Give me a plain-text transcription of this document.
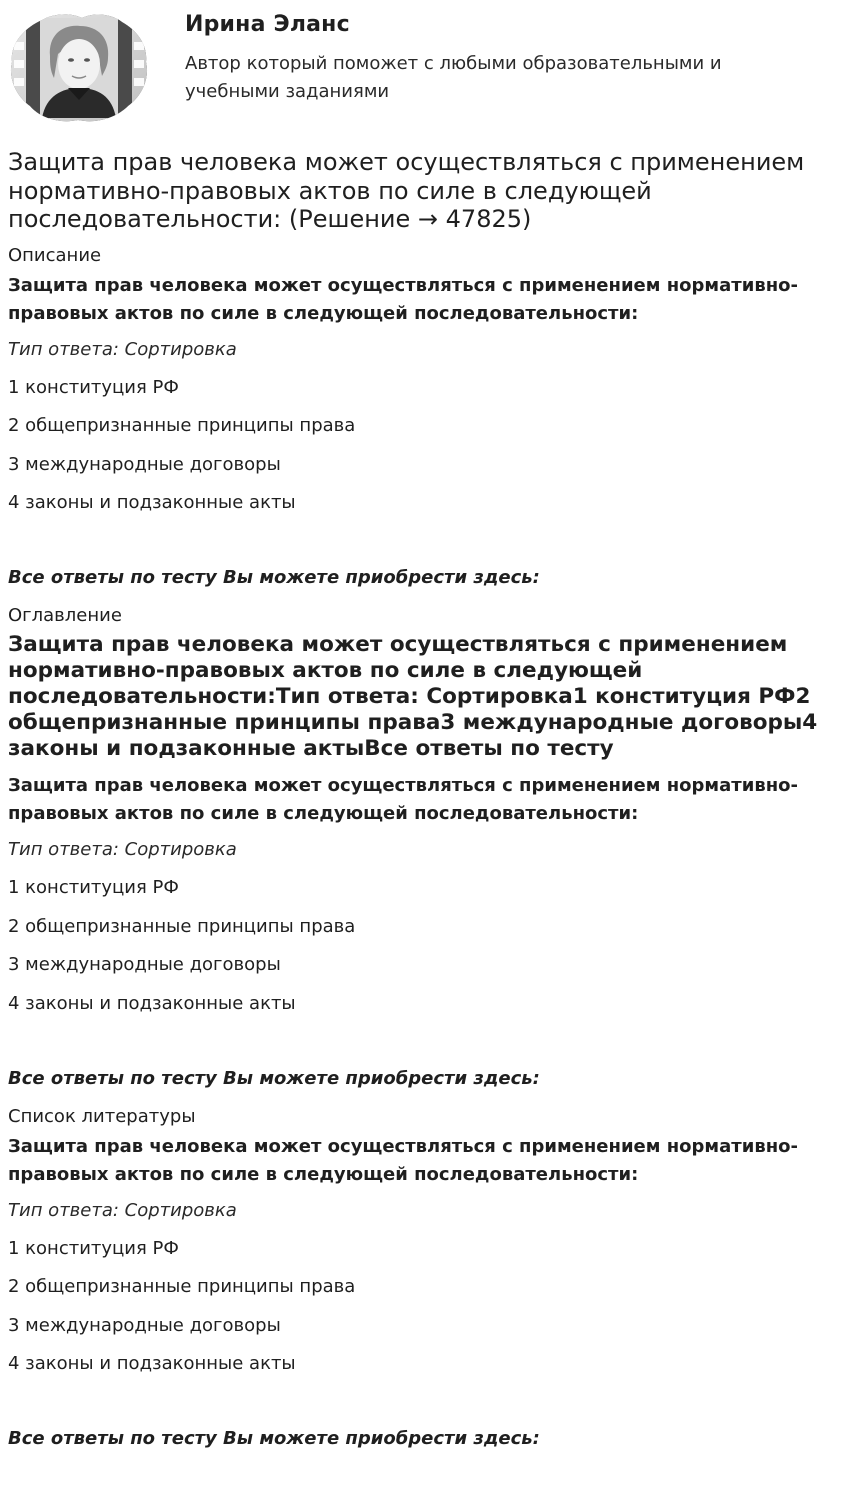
Ирина Эланс
Автор который поможет с любыми образовательными и учебными заданиями
Защита прав человека может осуществляться с применением нормативно-правовых актов по силе в следующей последовательности: (Решение → 47825)
Описание
Защита прав человека может осуществляться с применением нормативно-правовых актов по силе в следующей последовательности:
Тип ответа: Сортировка
1 конституция РФ
2 общепризнанные принципы права
3 международные договоры
4 законы и подзаконные акты
Все ответы по тесту Вы можете приобрести здесь:
Оглавление
Защита прав человека может осуществляться с применением нормативно-правовых актов по силе в следующей последовательности:Тип ответа: Сортировка1 конституция РФ2 общепризнанные принципы права3 международные договоры4 законы и подзаконные актыВсе ответы по тесту
Защита прав человека может осуществляться с применением нормативно-правовых актов по силе в следующей последовательности:
Тип ответа: Сортировка
1 конституция РФ
2 общепризнанные принципы права
3 международные договоры
4 законы и подзаконные акты
Все ответы по тесту Вы можете приобрести здесь:
Список литературы
Защита прав человека может осуществляться с применением нормативно-правовых актов по силе в следующей последовательности:
Тип ответа: Сортировка
1 конституция РФ
2 общепризнанные принципы права
3 международные договоры
4 законы и подзаконные акты
Все ответы по тесту Вы можете приобрести здесь:
